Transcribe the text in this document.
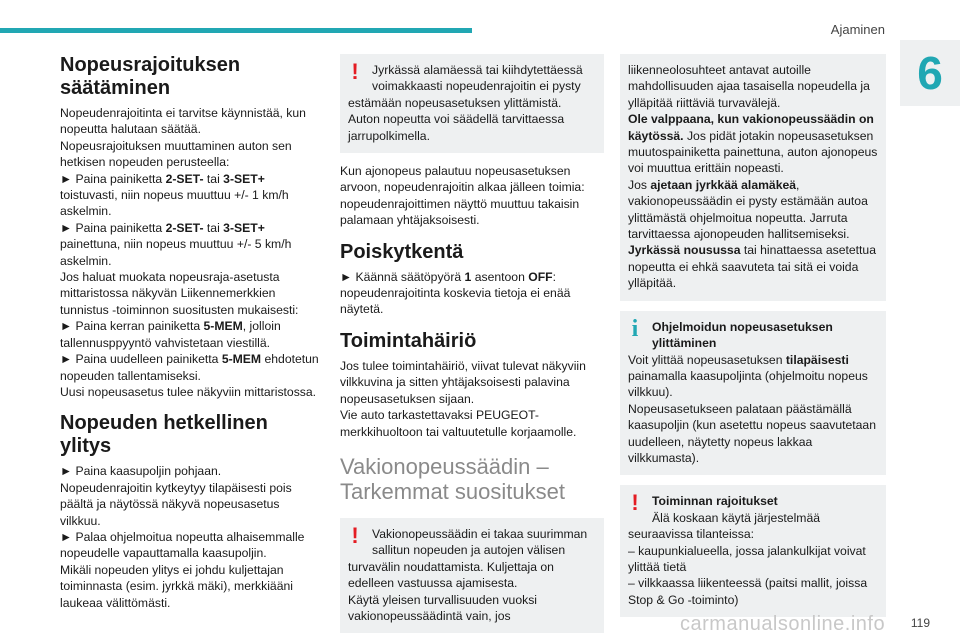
Ajaminen
6
Nopeusrajoituksen säätäminen

Nopeudenrajoitinta ei tarvitse käynnistää, kun nopeutta halutaan säätää.

Nopeusrajoituksen muuttaminen auton sen hetkisen nopeuden perusteella:

► Paina painiketta 2-SET- tai 3-SET+ toistuvasti, niin nopeus muuttuu +/- 1 km/h askelmin.

► Paina painiketta 2-SET- tai 3-SET+ painettuna, niin nopeus muuttuu +/- 5 km/h askelmin.

Jos haluat muokata nopeusraja-asetusta mittaristossa näkyvän Liikennemerkkien tunnistus -toiminnon suositusten mukaisesti:

► Paina kerran painiketta 5-MEM, jolloin tallennusppyyntö vahvistetaan viestillä.

► Paina uudelleen painiketta 5-MEM ehdotetun nopeuden tallentamiseksi.

Uusi nopeusasetus tulee näkyviin mittaristossa.

Nopeuden hetkellinen ylitys

► Paina kaasupoljin pohjaan.

Nopeudenrajoitin kytkeytyy tilapäisesti pois päältä ja näytössä näkyvä nopeusasetus vilkkuu.

► Palaa ohjelmoitua nopeutta alhaisemmalle nopeudelle vapauttamalla kaasupoljin.

Mikäli nopeuden ylitys ei johdu kuljettajan toiminnasta (esim. jyrkkä mäki), merkkiääni laukeaa välittömästi.

! Jyrkässä alamäessä tai kiihdytettäessä voimakkaasti nopeudenrajoitin ei pysty
estämään nopeusasetuksen ylittämistä.
Auton nopeutta voi säädellä tarvittaessa jarrupolkimella.

Kun ajonopeus palautuu nopeusasetuksen arvoon, nopeudenrajoitin alkaa jälleen toimia: nopeudenrajoittimen näyttö muuttuu takaisin palamaan yhtäjaksoisesti.

Poiskytkentä

► Käännä säätöpyörä 1 asentoon OFF: nopeudenrajoitinta koskevia tietoja ei enää näytetä.

Toimintahäiriö

Jos tulee toimintahäiriö, viivat tulevat näkyviin vilkkuvina ja sitten yhtäjaksoisesti palavina nopeusasetuksen sijaan.

Vie auto tarkastettavaksi PEUGEOT-merkkihuoltoon tai valtuutetulle korjaamolle.

Vakionopeussäädin – Tarkemmat suositukset
! Vakionopeussäädin ei takaa suurimman sallitun nopeuden ja autojen välisen
turvavälin noudattamista. Kuljettaja on edelleen vastuussa ajamisesta.
Käytä yleisen turvallisuuden vuoksi vakionopeussäädintä vain, jos
liikenneolosuhteet antavat autoille mahdollisuuden ajaa tasaisella nopeudella ja ylläpitää riittäviä turvavälejä.
Ole valppaana, kun vakionopeussäädin on käytössä. Jos pidät jotakin nopeusasetuksen muutospainiketta painettuna, auton ajonopeus voi muuttua erittäin nopeasti.
Jos ajetaan jyrkkää alamäkeä, vakionopeussäädin ei pysty estämään autoa ylittämästä ohjelmoitua nopeutta. Jarruta tarvittaessa ajonopeuden hallitsemiseksi.
Jyrkässä nousussa tai hinattaessa asetettua nopeutta ei ehkä saavuteta tai sitä ei voida ylläpitää.
i	Ohjelmoidun nopeusasetuksen ylittäminen
Voit ylittää nopeusasetuksen tilapäisesti painamalla kaasupoljinta (ohjelmoitu nopeus vilkkuu).
Nopeusasetukseen palataan päästämällä kaasupoljin (kun asetettu nopeus saavutetaan uudelleen, näytetty nopeus lakkaa vilkkumasta).
! Toiminnan rajoitukset
Älä koskaan käytä järjestelmää
seuraavissa tilanteissa:
– kaupunkialueella, jossa jalankulkijat voivat ylittää tietä
– vilkkaassa liikenteessä (paitsi mallit, joissa Stop & Go -toiminto)
carmanualsonline.info 119
